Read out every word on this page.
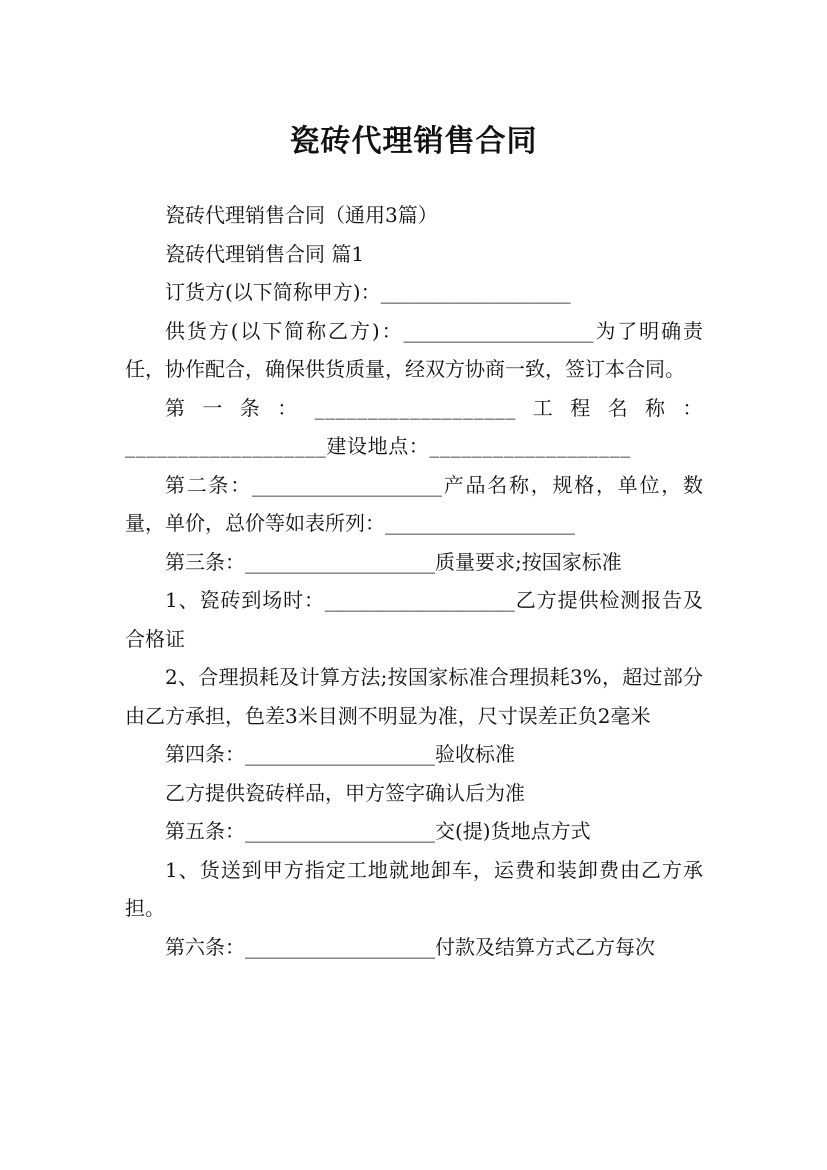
瓷砖代理销售合同

瓷砖代理销售合同（通用3篇）

瓷砖代理销售合同 篇1

订货方(以下简称甲方)：___________________

供货方(以下简称乙方)：___________________为了明确责任，协作配合，确保供货质量，经双方协商一致，签订本合同。

第一条：___________________工程名称：___________________建设地点：___________________

第二条：___________________产品名称，规格，单位，数量，单价，总价等如表所列：___________________

第三条：___________________质量要求;按国家标准

1、瓷砖到场时：___________________乙方提供检测报告及合格证

2、合理损耗及计算方法;按国家标准合理损耗3%，超过部分由乙方承担，色差3米目测不明显为准，尺寸误差正负2毫米

第四条：___________________验收标准

乙方提供瓷砖样品，甲方签字确认后为准

第五条：___________________交(提)货地点方式

1、货送到甲方指定工地就地卸车，运费和装卸费由乙方承担。

第六条：___________________付款及结算方式乙方每次
